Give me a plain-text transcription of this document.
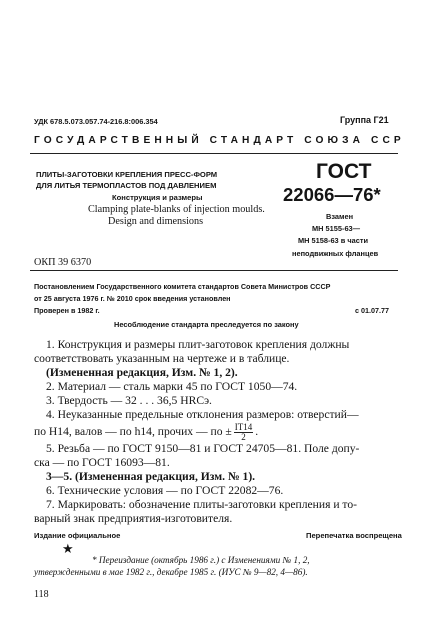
УДК 678.5.073.057.74-216.8:006.354	Группа Г21
ГОСУДАРСТВЕННЫЙ СТАНДАРТ СОЮЗА ССР
ПЛИТЫ-ЗАГОТОВКИ КРЕПЛЕНИЯ ПРЕСС-ФОРМ
ДЛЯ ЛИТЬЯ ТЕРМОПЛАСТОВ ПОД ДАВЛЕНИЕМ
Конструкция и размеры
Clamping plate-blanks of injection moulds.
Design and dimensions
ОКП 39 6370
ГОСТ
22066—76*
Взамен
МН 5155-63—
МН 5158-63 в части
неподвижных фланцев
Постановлением Государственного комитета стандартов Совета Министров СССР
от 25 августа 1976 г. № 2010 срок введения установлен
Проверен в 1982 г.	с 01.07.77
Несоблюдение стандарта преследуется по закону
1. Конструкция и размеры плит-заготовок крепления должны
соответствовать указанным на чертеже и в таблице.
(Измененная редакция, Изм. № 1, 2).
2. Материал — сталь марки 45 по ГОСТ 1050—74.
3. Твердость — 32 . . . 36,5 HRCэ.
4. Неуказанные предельные отклонения размеров: отверстий—
по Н14, валов — по h14, прочих — по ± $\frac{IT14}{2}$ .
5. Резьба — по ГОСТ 9150—81 и ГОСТ 24705—81. Поле допу-
ска — по ГОСТ 16093—81.
3—5. (Измененная редакция, Изм. № 1).
6. Технические условия — по ГОСТ 22082—76.
7. Маркировать: обозначение плиты-заготовки крепления и то-
варный знак предприятия-изготовителя.
Издание официальное	Перепечатка воспрещена
★
* Переиздание (октябрь 1986 г.) с Изменениями № 1, 2,
утвержденными в мае 1982 г., декабре 1985 г. (ИУС № 9—82, 4—86).
118
